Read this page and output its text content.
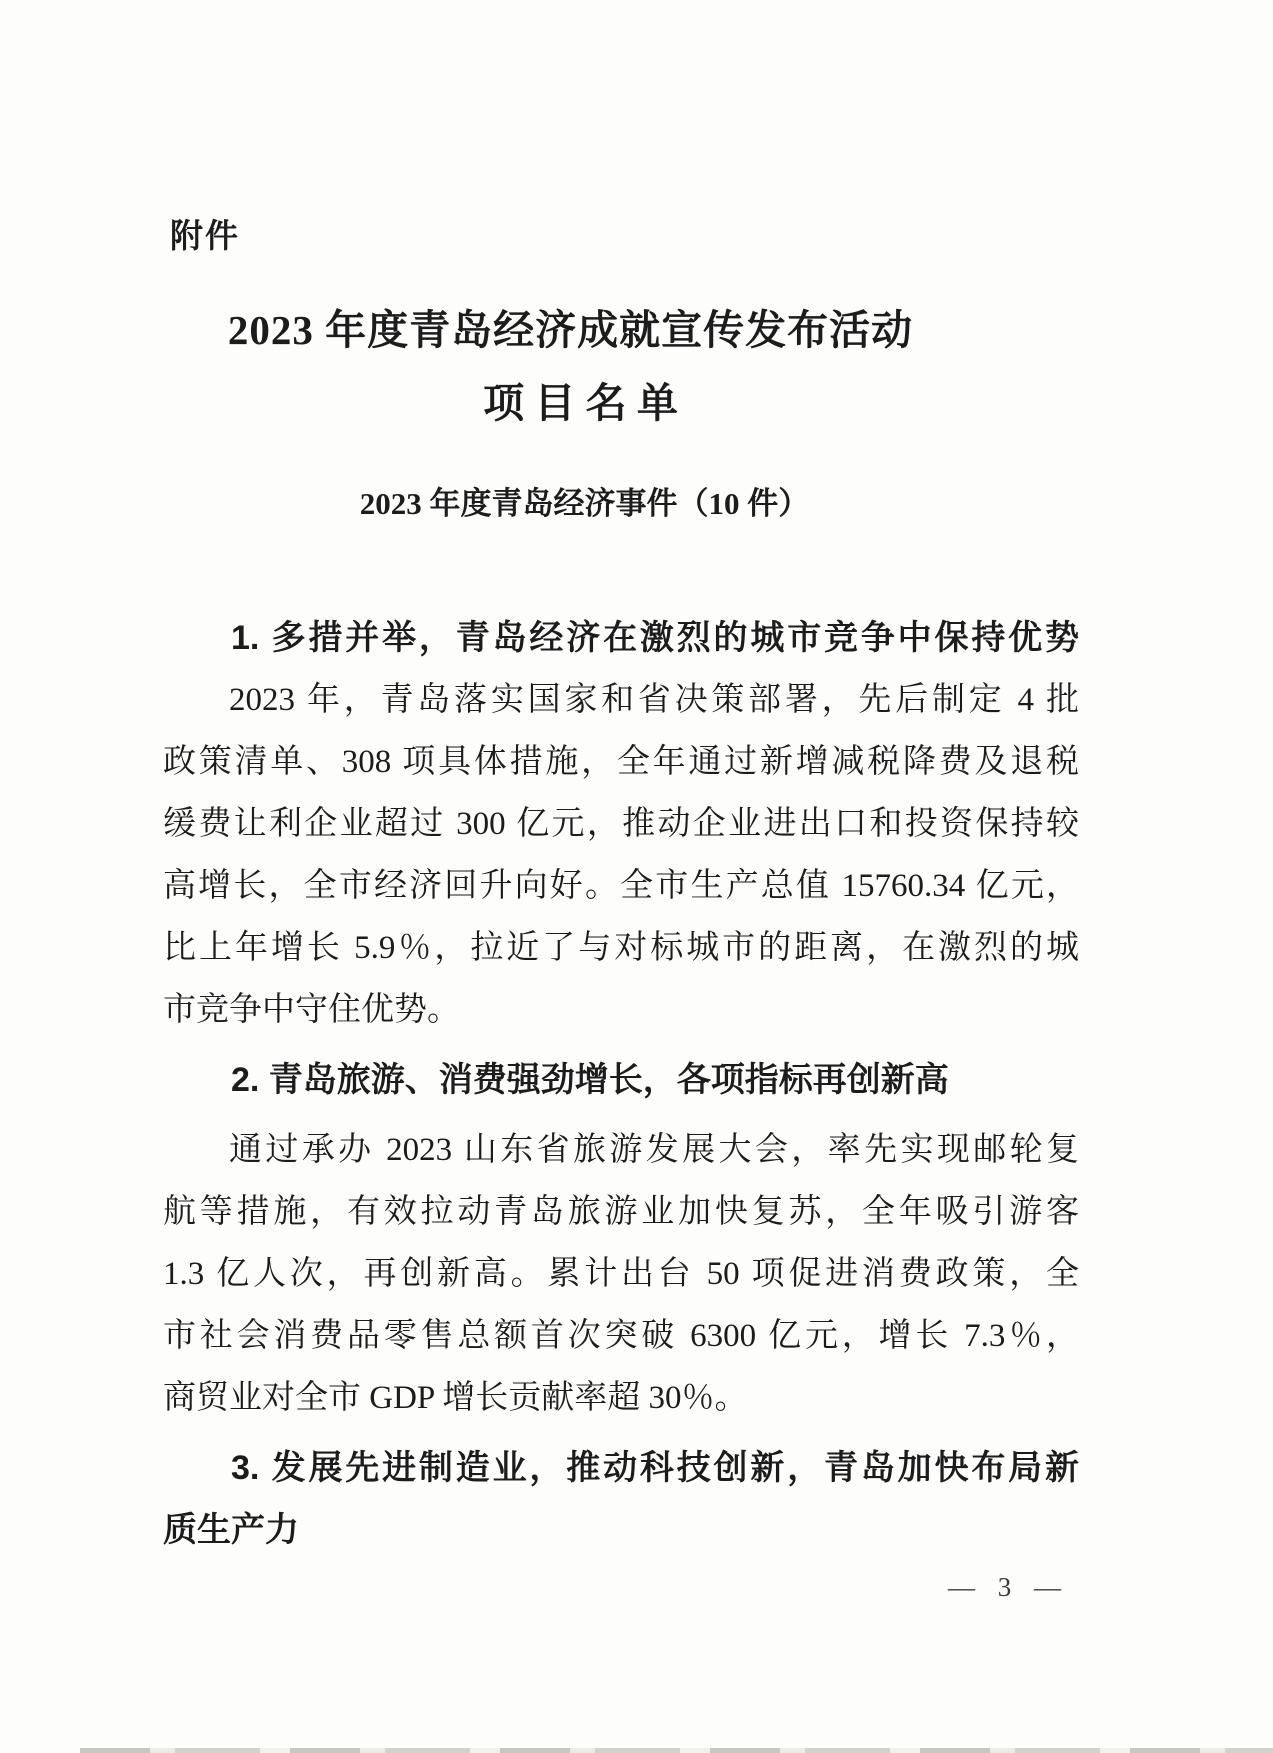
附件
2023 年度青岛经济成就宣传发布活动
项 目 名 单
2023 年度青岛经济事件（10 件）
1. 多措并举，青岛经济在激烈的城市竞争中保持优势
2023 年，青岛落实国家和省决策部署，先后制定 4 批
政策清单、308 项具体措施，全年通过新增减税降费及退税
缓费让利企业超过 300 亿元，推动企业进出口和投资保持较
高增长，全市经济回升向好。全市生产总值 15760.34 亿元，
比上年增长 5.9％，拉近了与对标城市的距离，在激烈的城
市竞争中守住优势。
2. 青岛旅游、消费强劲增长，各项指标再创新高
通过承办 2023 山东省旅游发展大会，率先实现邮轮复
航等措施，有效拉动青岛旅游业加快复苏，全年吸引游客
1.3 亿人次，再创新高。累计出台 50 项促进消费政策，全
市社会消费品零售总额首次突破 6300 亿元，增长 7.3％，
商贸业对全市 GDP 增长贡献率超 30％。
3. 发展先进制造业，推动科技创新，青岛加快布局新
质生产力
— 3 —
